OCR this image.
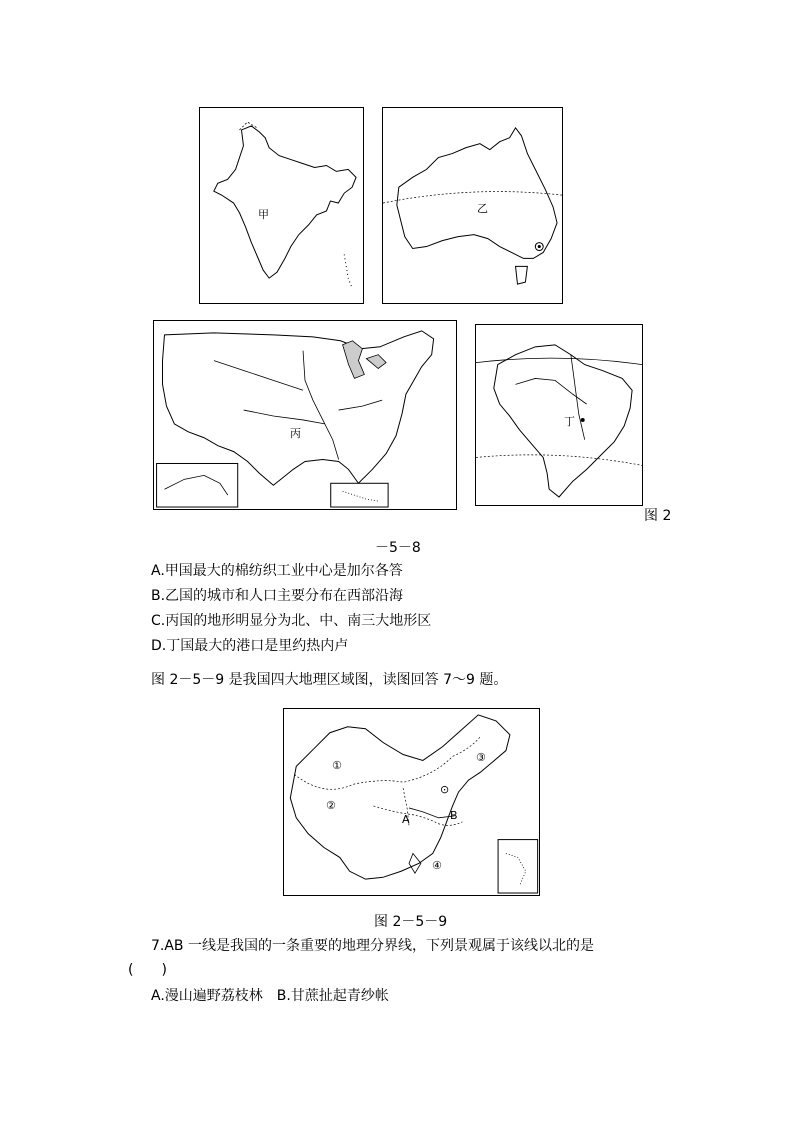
甲	乙
丙
丁
图 2
－5－8
A.甲国最大的棉纺织工业中心是加尔各答
B.乙国的城市和人口主要分布在西部沿海
C.丙国的地形明显分为北、中、南三大地形区
D.丁国最大的港口是里约热内卢
图 2－5－9 是我国四大地理区域图，读图回答 7～9 题。
①
②
③
④
⊙
A	B
图 2－5－9
7.AB 一线是我国的一条重要的地理分界线，下列景观属于该线以北的是
(　　)
A.漫山遍野荔枝林　B.甘蔗扯起青纱帐
